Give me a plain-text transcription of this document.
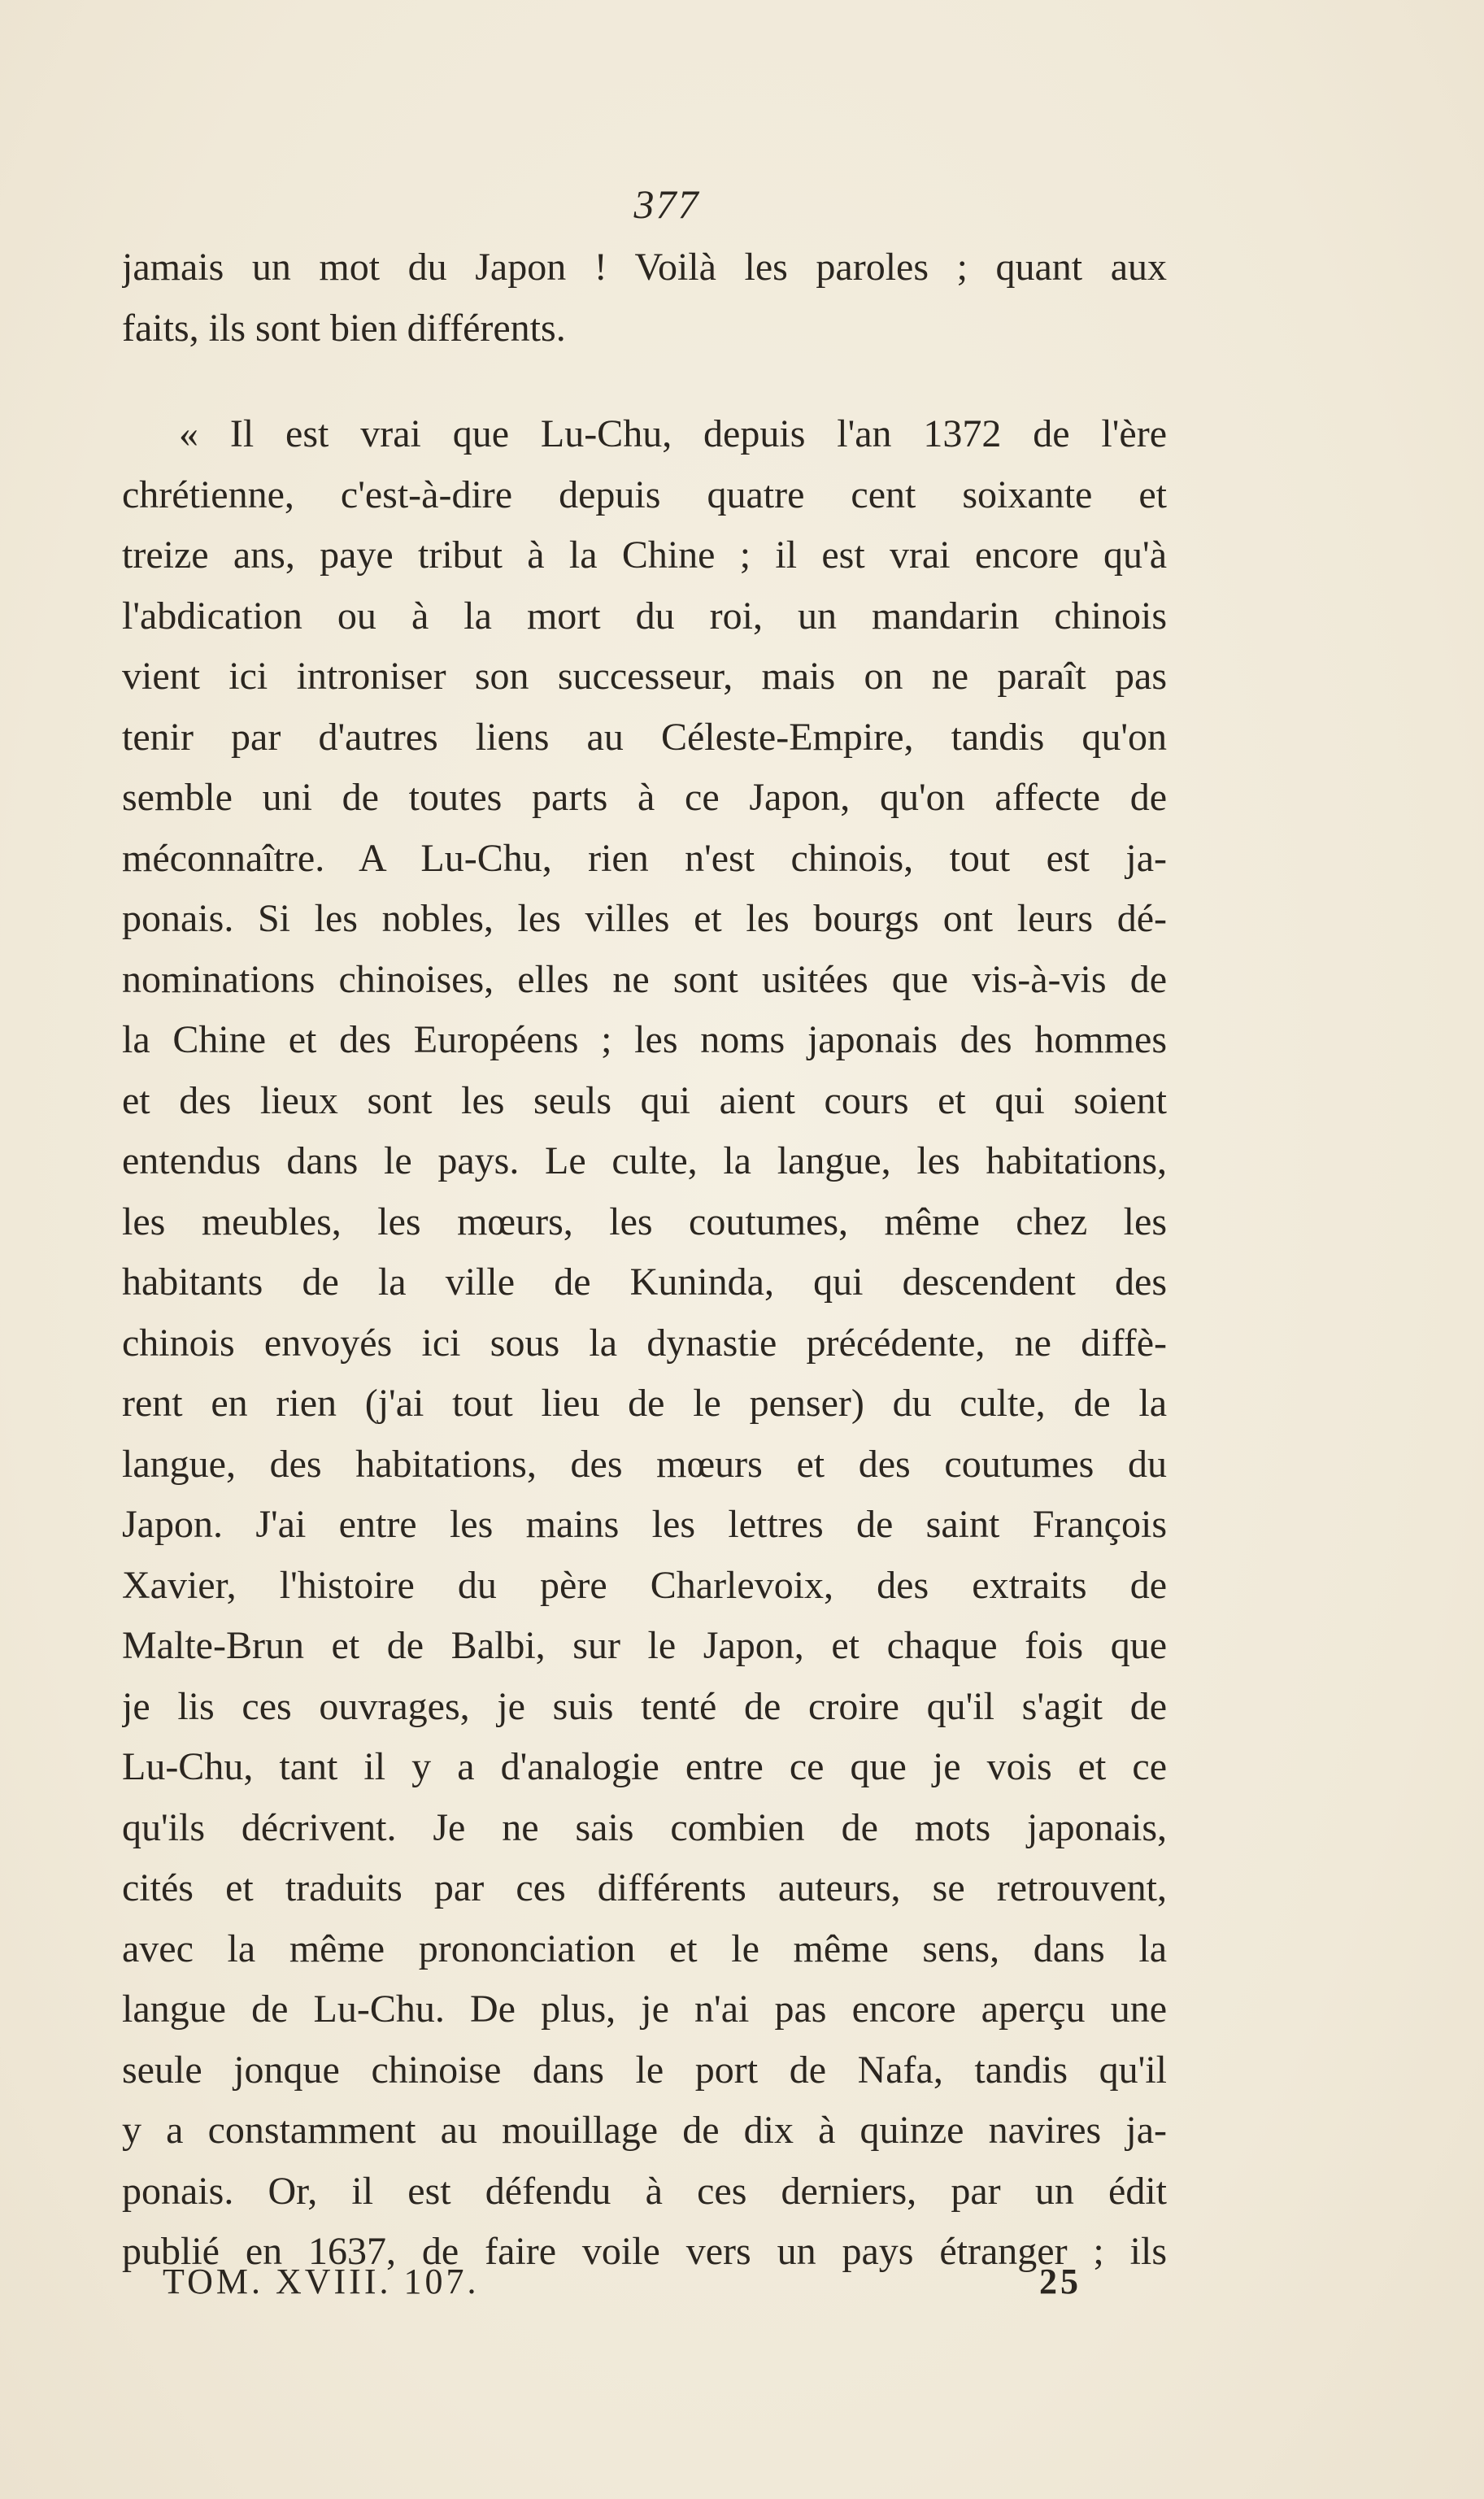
377
jamais un mot du Japon ! Voilà les paroles ; quant aux
faits, ils sont bien différents.
« Il est vrai que Lu-Chu, depuis l'an 1372 de l'ère
chrétienne, c'est-à-dire depuis quatre cent soixante et
treize ans, paye tribut à la Chine ; il est vrai encore qu'à
l'abdication ou à la mort du roi, un mandarin chinois
vient ici introniser son successeur, mais on ne paraît pas
tenir par d'autres liens au Céleste-Empire, tandis qu'on
semble uni de toutes parts à ce Japon, qu'on affecte de
méconnaître. A Lu-Chu, rien n'est chinois, tout est ja-
ponais. Si les nobles, les villes et les bourgs ont leurs dé-
nominations chinoises, elles ne sont usitées que vis-à-vis de
la Chine et des Européens ; les noms japonais des hommes
et des lieux sont les seuls qui aient cours et qui soient
entendus dans le pays. Le culte, la langue, les habitations,
les meubles, les mœurs, les coutumes, même chez les
habitants de la ville de Kuninda, qui descendent des
chinois envoyés ici sous la dynastie précédente, ne diffè-
rent en rien (j'ai tout lieu de le penser) du culte, de la
langue, des habitations, des mœurs et des coutumes du
Japon. J'ai entre les mains les lettres de saint François
Xavier, l'histoire du père Charlevoix, des extraits de
Malte-Brun et de Balbi, sur le Japon, et chaque fois que
je lis ces ouvrages, je suis tenté de croire qu'il s'agit de
Lu-Chu, tant il y a d'analogie entre ce que je vois et ce
qu'ils décrivent. Je ne sais combien de mots japonais,
cités et traduits par ces différents auteurs, se retrouvent,
avec la même prononciation et le même sens, dans la
langue de Lu-Chu. De plus, je n'ai pas encore aperçu une
seule jonque chinoise dans le port de Nafa, tandis qu'il
y a constamment au mouillage de dix à quinze navires ja-
ponais. Or, il est défendu à ces derniers, par un édit
publié en 1637, de faire voile vers un pays étranger ; ils
TOM. XVIII. 107.	25
